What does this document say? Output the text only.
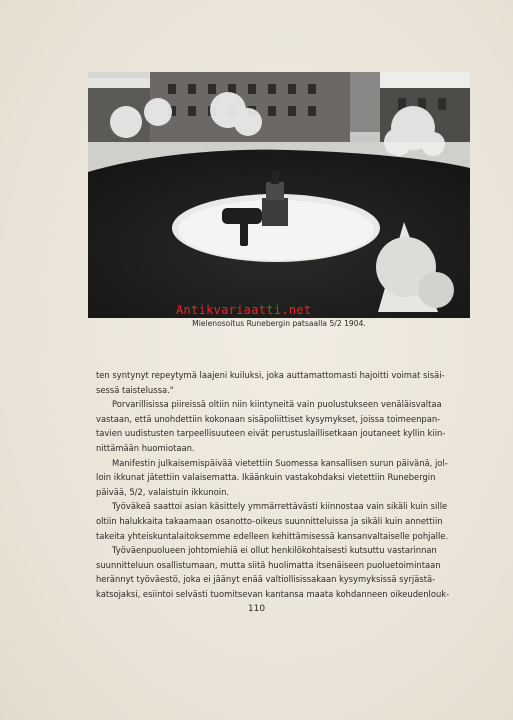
Antikvariaatti.net
Mielenosoitus Runebergin patsaalla 5/2 1904.
ten syntynyt repeytymä laajeni kuiluksi, joka auttamattomasti hajoitti voimat sisäi-
sessä taistelussa."
Porvarillisissa piireissä oltiin niin kiintyneitä vain puolustukseen venäläisvaltaa
vastaan, että unohdettiin kokonaan sisäpoliittiset kysymykset, joissa toimeenpan-
tavien uudistusten tarpeellisuuteen eivät perustuslaillisetkaan joutaneet kyllin kiin-
nittämään huomiotaan.
Manifestin julkaisemispäivää vietettiin Suomessa kansallisen surun päivänä, jol-
loin ikkunat jätettiin valaisematta. Ikäänkuin vastakohdaksi vietettiin Runebergin
päivää, 5/2, valaistuin ikkunoin.
Työväkeä saattoi asian käsittely ymmärrettävästi kiinnostaa vain sikäli kuin sille
oltiin halukkaita takaamaan osanotto-oikeus suunnitteluissa ja sikäli kuin annettiin
takeita yhteiskuntalaitoksemme edelleen kehittämisessä kansanvaltaiselle pohjalle.
Työväenpuolueen johtomiehiä ei ollut henkilökohtaisesti kutsuttu vastarinnan
suunnitteluun osallistumaan, mutta siitä huolimatta itsenäiseen puoluetoimintaan
herännyt työväestö, joka ei jäänyt enää valtiollisissakaan kysymyksissä syrjästä-
katsojaksi, esiintoi selvästi tuomitsevan kantansa maata kohdanneen oikeudenlouk-
110
